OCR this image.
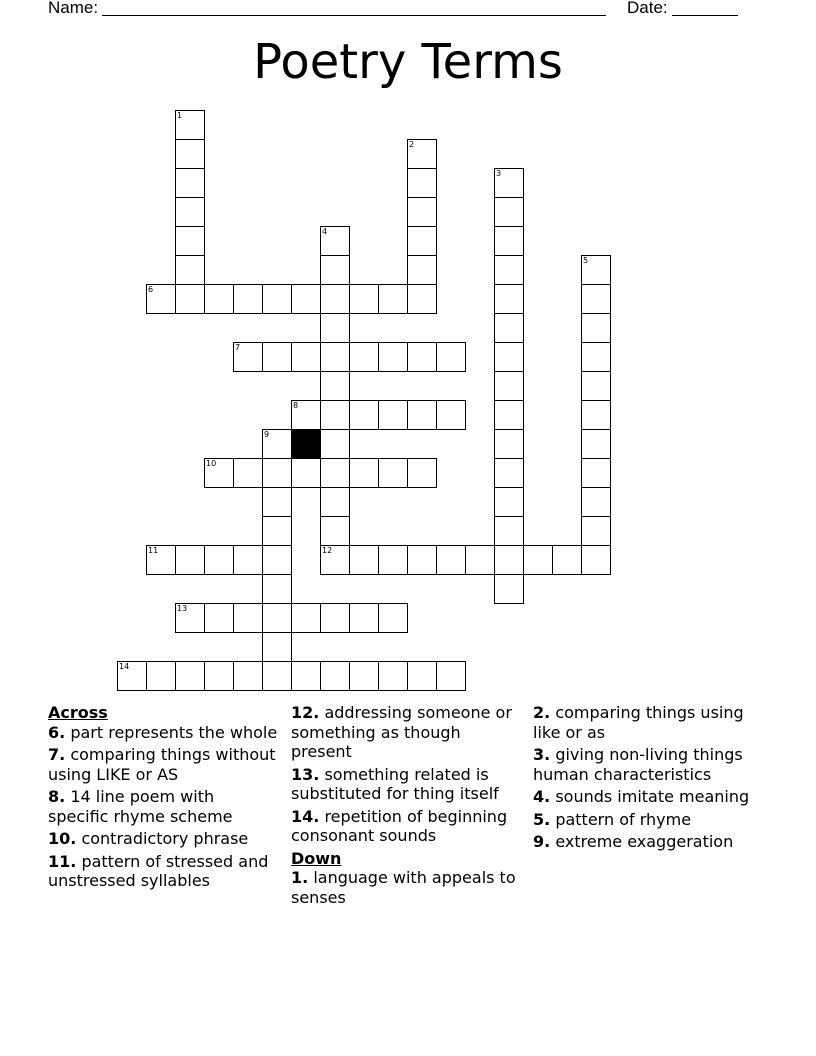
Name:	Date:
Poetry Terms
1
2
3
4
5
6
7
8
9
10
11	12
13
14
Across
6. part represents the whole
7. comparing things without using LIKE or AS
8. 14 line poem with specific rhyme scheme
10. contradictory phrase
11. pattern of stressed and unstressed syllables
12. addressing someone or something as though present
13. something related is substituted for thing itself
14. repetition of beginning consonant sounds
Down
1. language with appeals to senses
2. comparing things using like or as
3. giving non-living things human characteristics
4. sounds imitate meaning
5. pattern of rhyme
9. extreme exaggeration
